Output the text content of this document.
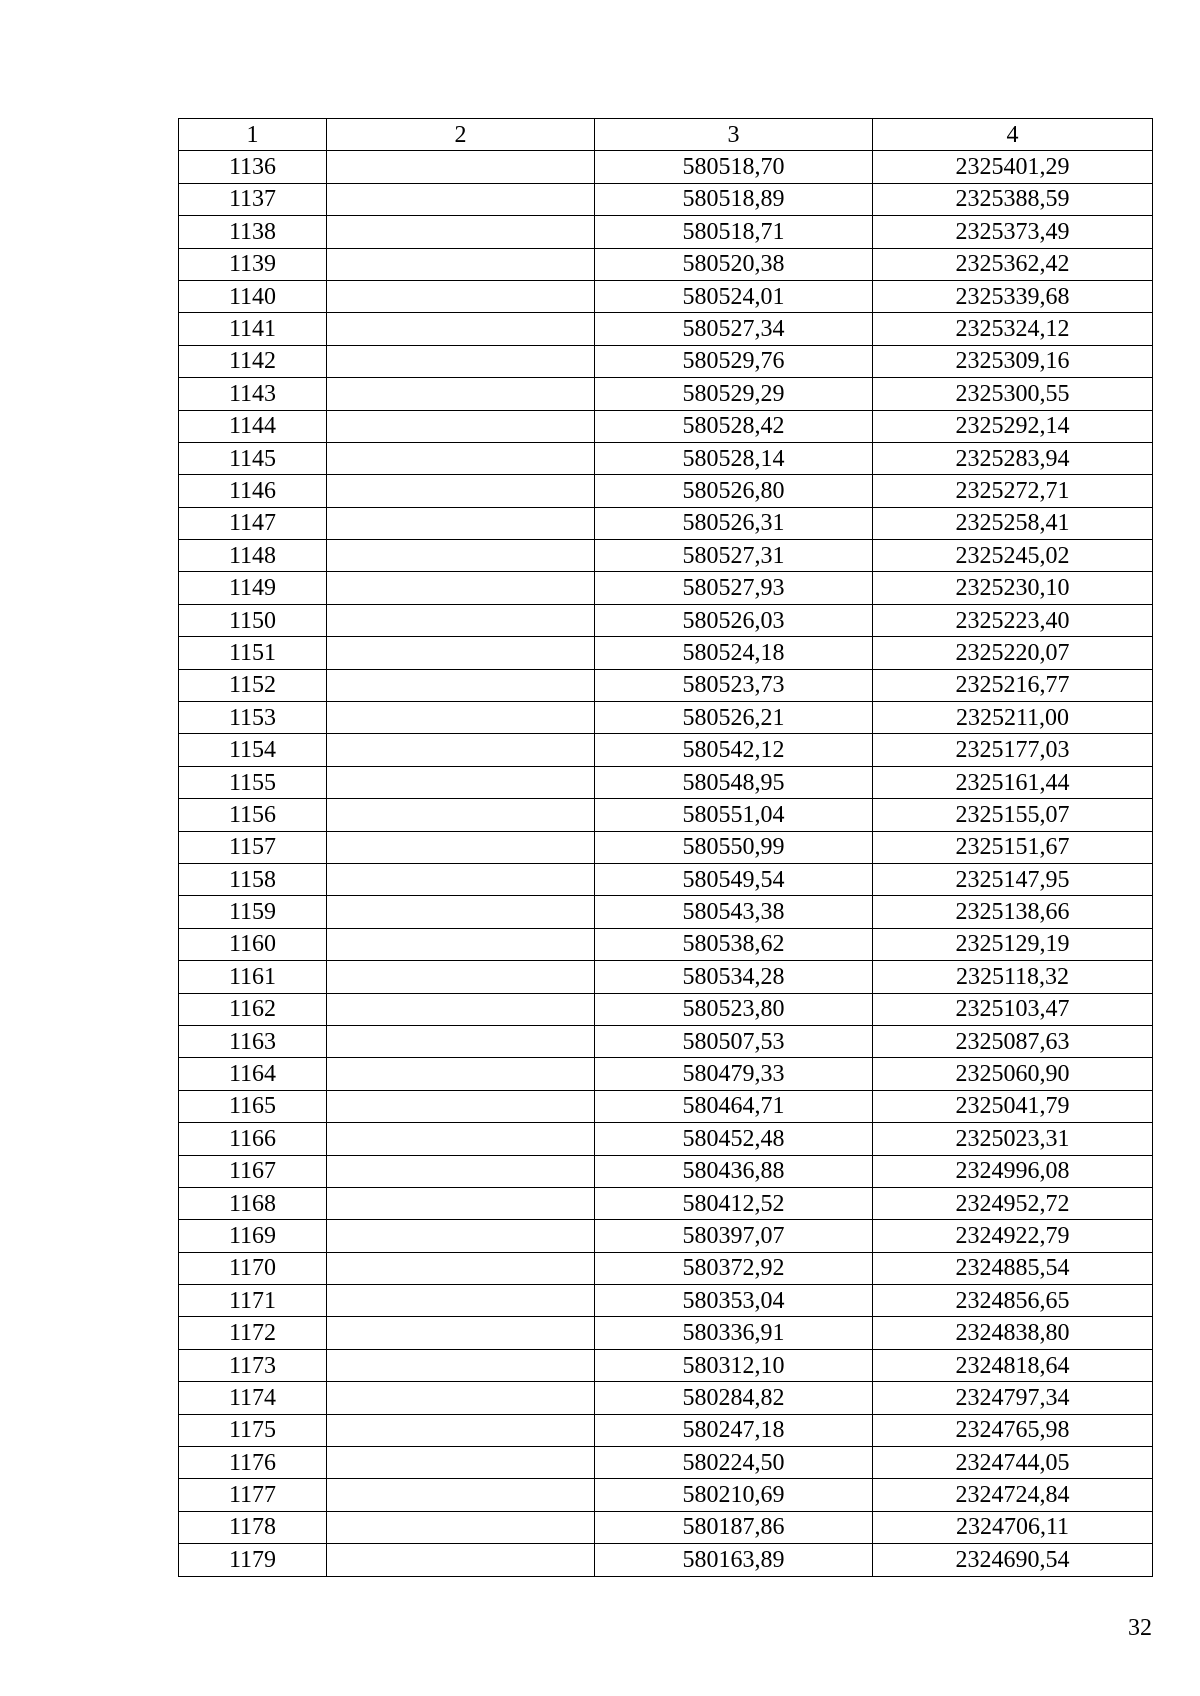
1	2	3	4
1136		580518,70	2325401,29
1137		580518,89	2325388,59
1138		580518,71	2325373,49
1139		580520,38	2325362,42
1140		580524,01	2325339,68
1141		580527,34	2325324,12
1142		580529,76	2325309,16
1143		580529,29	2325300,55
1144		580528,42	2325292,14
1145		580528,14	2325283,94
1146		580526,80	2325272,71
1147		580526,31	2325258,41
1148		580527,31	2325245,02
1149		580527,93	2325230,10
1150		580526,03	2325223,40
1151		580524,18	2325220,07
1152		580523,73	2325216,77
1153		580526,21	2325211,00
1154		580542,12	2325177,03
1155		580548,95	2325161,44
1156		580551,04	2325155,07
1157		580550,99	2325151,67
1158		580549,54	2325147,95
1159		580543,38	2325138,66
1160		580538,62	2325129,19
1161		580534,28	2325118,32
1162		580523,80	2325103,47
1163		580507,53	2325087,63
1164		580479,33	2325060,90
1165		580464,71	2325041,79
1166		580452,48	2325023,31
1167		580436,88	2324996,08
1168		580412,52	2324952,72
1169		580397,07	2324922,79
1170		580372,92	2324885,54
1171		580353,04	2324856,65
1172		580336,91	2324838,80
1173		580312,10	2324818,64
1174		580284,82	2324797,34
1175		580247,18	2324765,98
1176		580224,50	2324744,05
1177		580210,69	2324724,84
1178		580187,86	2324706,11
1179		580163,89	2324690,54
32
